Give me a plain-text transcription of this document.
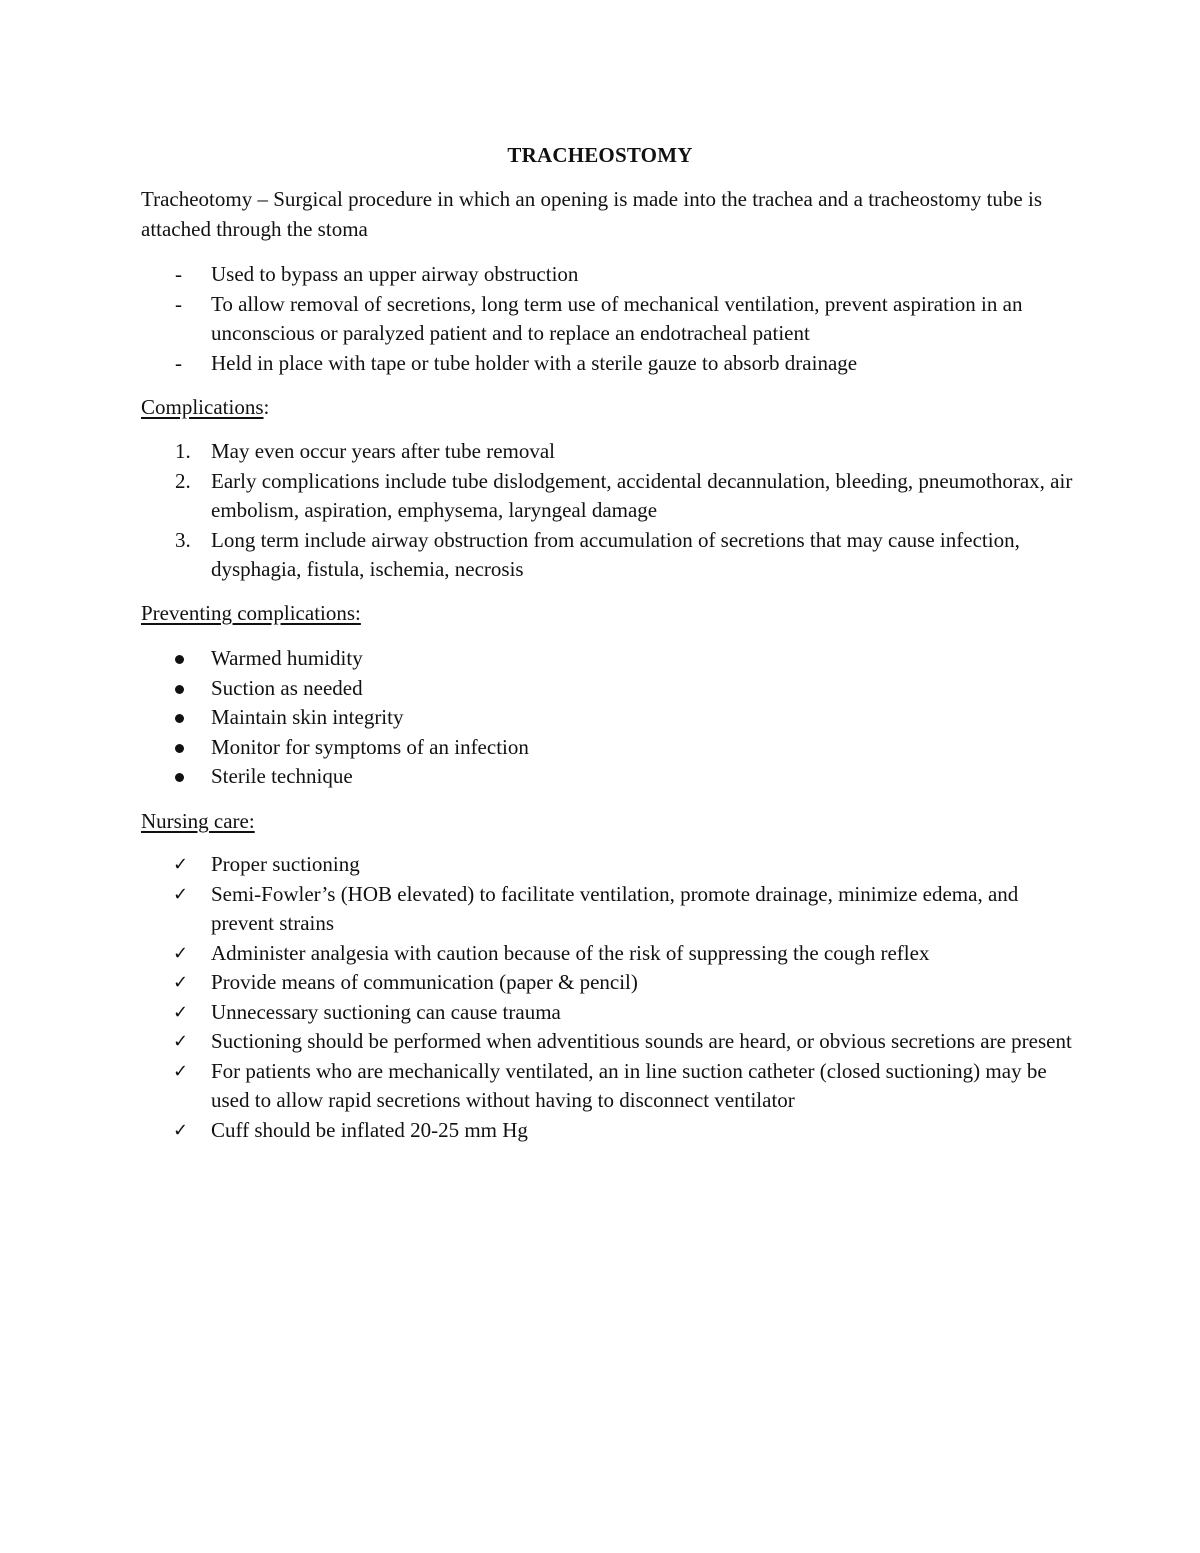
TRACHEOSTOMY

Tracheotomy – Surgical procedure in which an opening is made into the trachea and a tracheostomy tube is attached through the stoma

- Used to bypass an upper airway obstruction
- To allow removal of secretions, long term use of mechanical ventilation, prevent aspiration in an unconscious or paralyzed patient and to replace an endotracheal patient
- Held in place with tape or tube holder with a sterile gauze to absorb drainage
Complications:
1. May even occur years after tube removal
2. Early complications include tube dislodgement, accidental decannulation, bleeding, pneumothorax, air embolism, aspiration, emphysema, laryngeal damage
3. Long term include airway obstruction from accumulation of secretions that may cause infection, dysphagia, fistula, ischemia, necrosis
Preventing complications:
Warmed humidity
Suction as needed
Maintain skin integrity
Monitor for symptoms of an infection
Sterile technique
Nursing care:
✓ Proper suctioning
✓ Semi-Fowler’s (HOB elevated) to facilitate ventilation, promote drainage, minimize edema, and prevent strains
✓ Administer analgesia with caution because of the risk of suppressing the cough reflex
✓ Provide means of communication (paper & pencil)
✓ Unnecessary suctioning can cause trauma
✓ Suctioning should be performed when adventitious sounds are heard, or obvious secretions are present
✓ For patients who are mechanically ventilated, an in line suction catheter (closed suctioning) may be used to allow rapid secretions without having to disconnect ventilator
✓ Cuff should be inflated 20-25 mm Hg
